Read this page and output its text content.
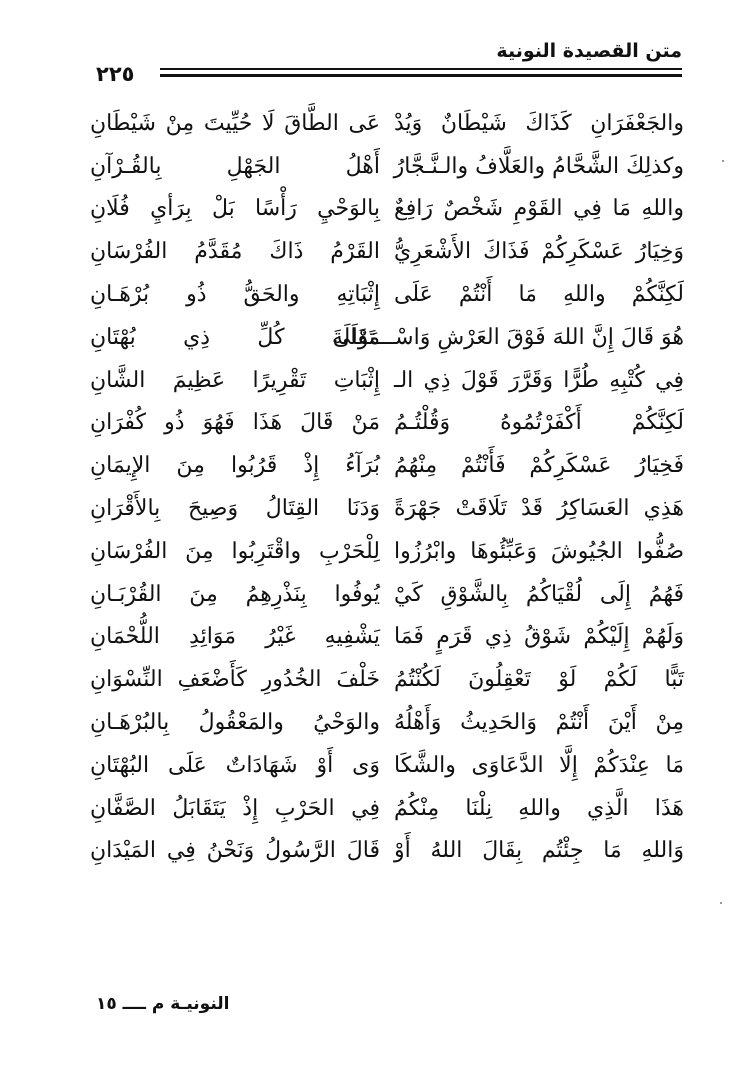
متن القصيدة النونية
٢٢٥
والجَعْفَرَانِ كَذَاكَ شَيْطَانٌ وَيُدْ
عَى الطَّاقَ لَا حُيِّيتَ مِنْ شَيْطَانِ
وكذلِكَ الشَّحَّامُ والعَلَّافُ والـنَّـجَّارُ
أَهْلُ الجَهْلِ بِالقُـرْآنِ
واللهِ مَا فِي القَوْمِ شَخْصٌ رَافِعٌ
بِالوَحْيِ رَأْسًا بَلْ بِرَأيِ فُلَانِ
وَخِيَارُ عَسْكَرِكُمْ فَذَاكَ الأَشْعَرِيُّ
القَرْمُ ذَاكَ مُقَدَّمُ الفُرْسَانِ
لَكِنَّكُمْ واللهِ مَا أَنْتُمْ عَلَى
إِثْبَاتِهِ والحَقُّ ذُو بُرْهَـانِ
هُوَ قَالَ إِنَّ اللهَ فَوْقَ العَرْشِ وَاسْـــتَوْلَى
مَقَالَةَ كُلِّ ذِي بُهْتَانِ
فِي كُتْبِهِ طُرًّا وَقَرَّرَ قَوْلَ ذِي الـ
إِثْبَاتِ تَقْرِيرًا عَظِيمَ الشَّانِ
لَكِنَّكُمْ أَكْفَرْتُمُوهُ وَقُلْتُـمُ
مَنْ قَالَ هَذَا فَهُوَ ذُو كُفْرَانِ
فَخِيَارُ عَسْكَرِكُمْ فَأَنْتُمْ مِنْهُمُ
بُرَآءُ إِذْ قَرُبُوا مِنَ الإِيمَانِ
هَذِي العَسَاكِرُ قَدْ تَلَاقَتْ جَهْرَةً
وَدَنَا القِتَالُ وَصِيحَ بِالأَقْرَانِ
صُفُّوا الجُيُوشَ وَعَبِّئُوهَا وابْرُزُوا
لِلْحَرْبِ واقْتَرِبُوا مِنَ الفُرْسَانِ
فَهُمُ إِلَى لُقْيَاكُمُ بِالشَّوْقِ كَيْ
يُوفُوا بِنَذْرِهِمُ مِنَ القُرْبَـانِ
وَلَهُمْ إِلَيْكُمْ شَوْقُ ذِي قَرَمٍ فَمَا
يَشْفِيهِ غَيْرُ مَوَائِدِ اللُّحْمَانِ
تَبًّا لَكُمْ لَوْ تَعْقِلُونَ لَكُنْتُمُ
خَلْفَ الخُدُورِ كَأَضْعَفِ النِّسْوَانِ
مِنْ أَيْنَ أَنْتُمْ وَالحَدِيثُ وَأَهْلُهُ
والوَحْيُ والمَعْقُولُ بِالبُرْهَـانِ
مَا عِنْدَكُمْ إِلَّا الدَّعَاوَى والشَّكَا
وَى أَوْ شَهَادَاتٌ عَلَى البُهْتَانِ
هَذَا الَّذِي واللهِ نِلْنَا مِنْكُمُ
فِي الحَرْبِ إِذْ يَتَقَابَلُ الصَّفَّانِ
وَاللهِ مَا جِئْتُم بِقَالَ اللهُ أَوْ
قَالَ الرَّسُولُ وَنَحْنُ فِي المَيْدَانِ
النونيـة م ــــ ١٥
